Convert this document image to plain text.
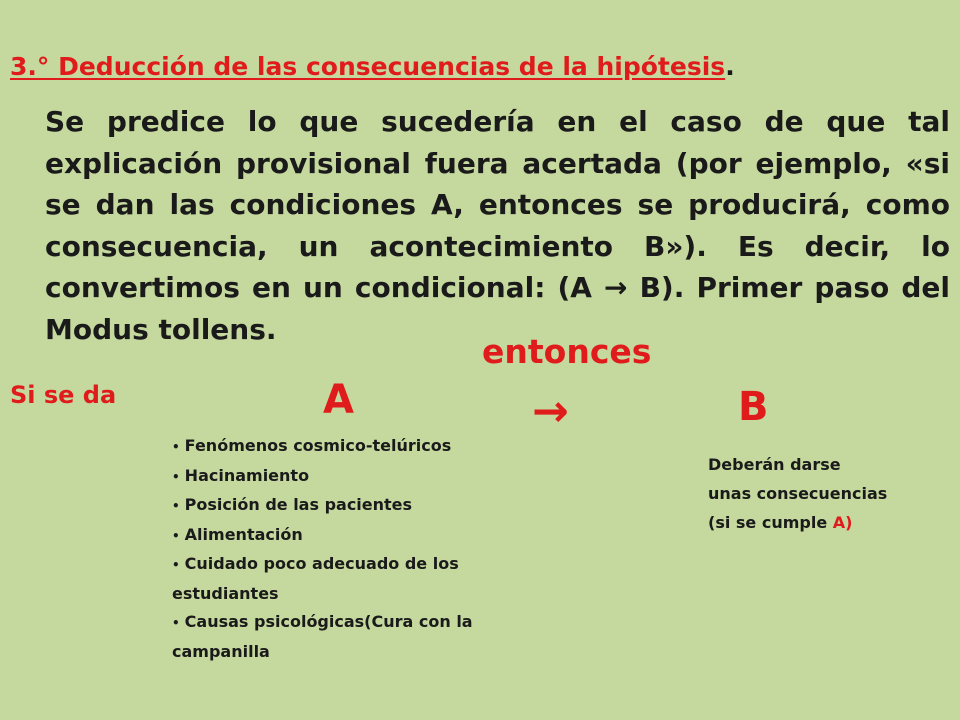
3.° Deducción de las consecuencias de la hipótesis.
Se predice lo que sucedería en el caso de que tal explicación provisional fuera acertada (por ejemplo, «si se dan las condiciones A, entonces se producirá, como consecuencia, un acontecimiento B»). Es decir, lo convertimos en un condicional: (A → B). Primer paso del Modus tollens.
Si se da
entonces
A	→	B
• Fenómenos cosmico-telúricos
• Hacinamiento
• Posición de las pacientes
• Alimentación
• Cuidado poco adecuado de los estudiantes
• Causas psicológicas(Cura con la campanilla
Deberán darse unas consecuencias (si se cumple A)
